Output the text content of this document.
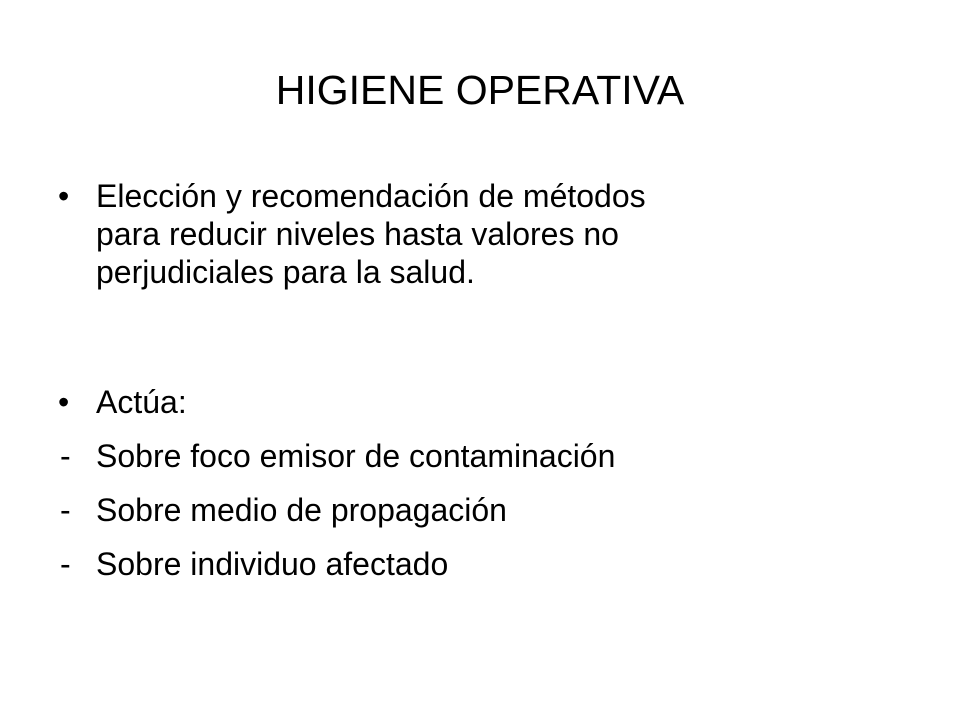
HIGIENE OPERATIVA
• Elección y recomendación de métodos
para reducir niveles hasta valores no
perjudiciales para la salud.
• Actúa:
- Sobre foco emisor de contaminación
- Sobre medio de propagación
- Sobre individuo afectado
